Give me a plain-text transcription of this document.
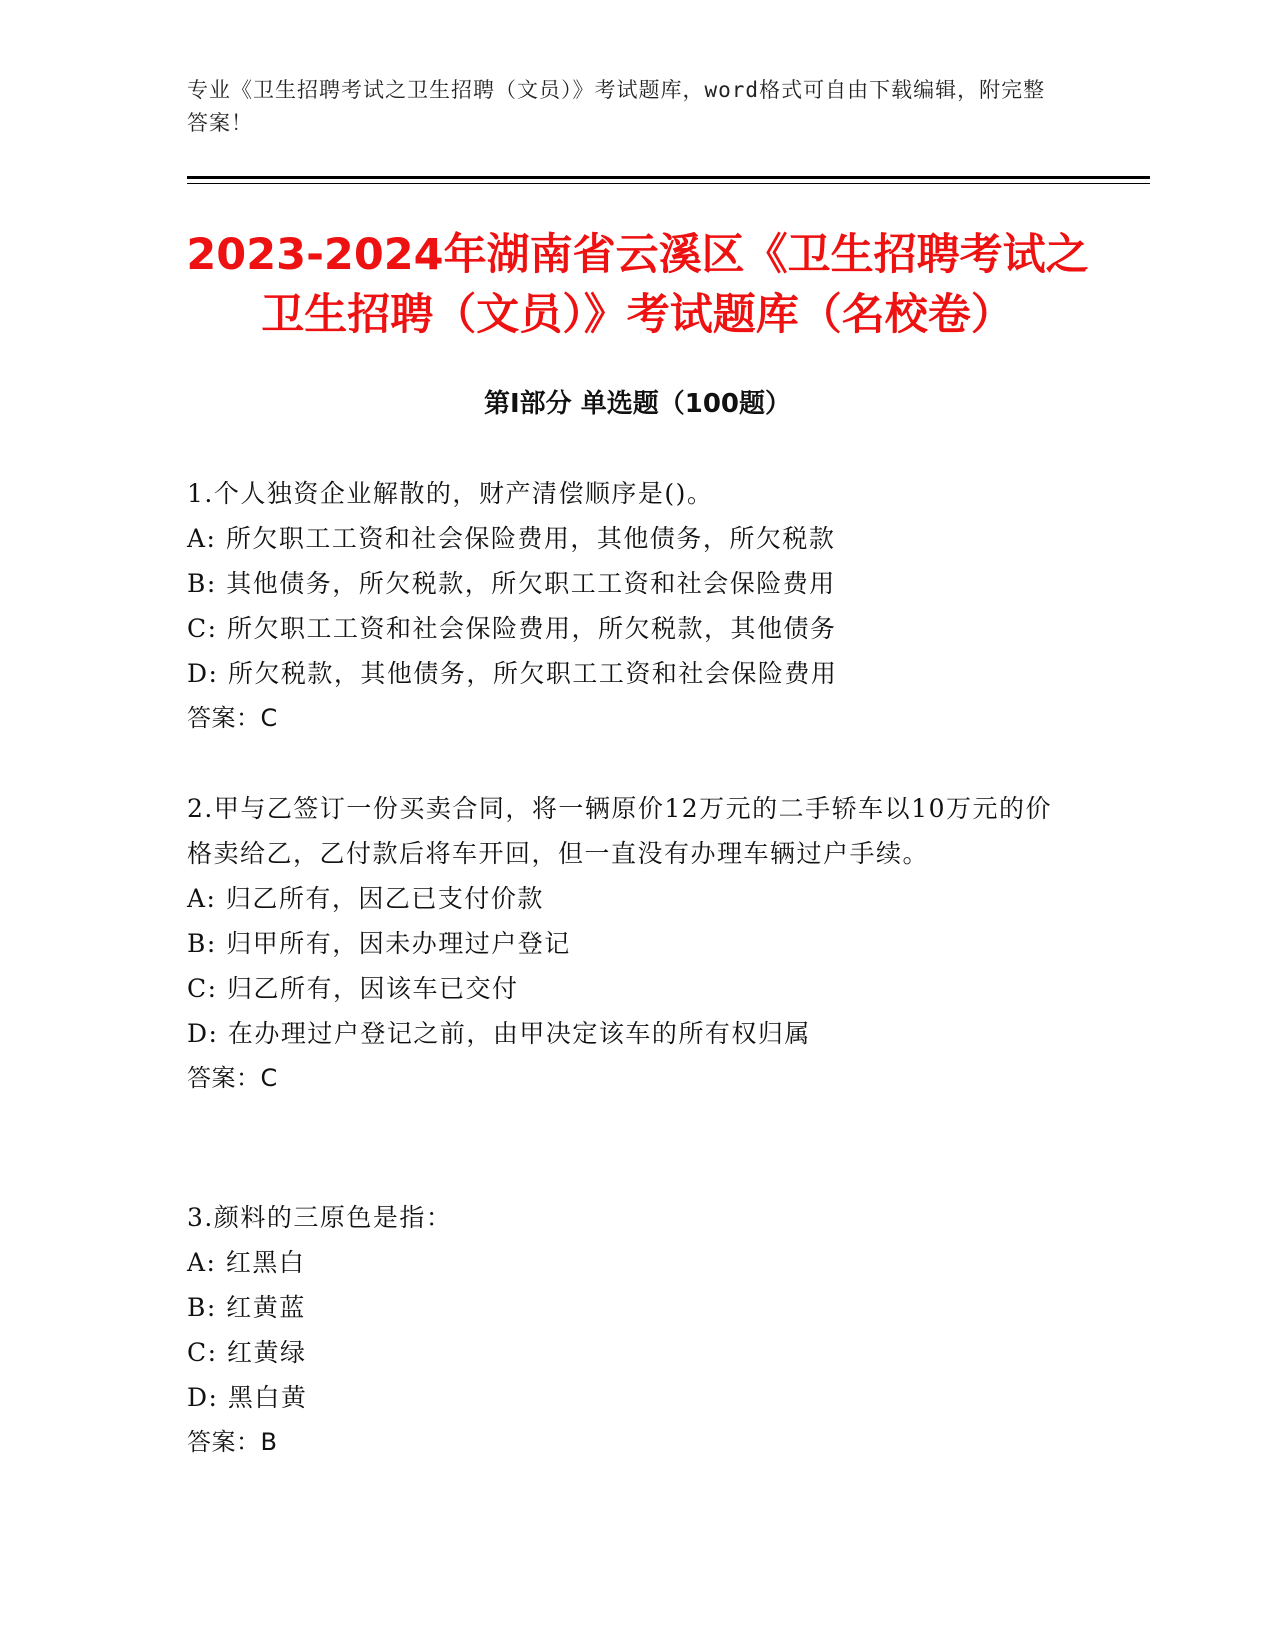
专业《卫生招聘考试之卫生招聘（文员）》考试题库，word格式可自由下载编辑，附完整答案！

2023-2024年湖南省云溪区《卫生招聘考试之卫生招聘（文员）》考试题库（名校卷）
第I部分 单选题（100题）

1.个人独资企业解散的，财产清偿顺序是()。

A: 所欠职工工资和社会保险费用，其他债务，所欠税款

B: 其他债务，所欠税款，所欠职工工资和社会保险费用

C: 所欠职工工资和社会保险费用，所欠税款，其他债务

D: 所欠税款，其他债务，所欠职工工资和社会保险费用

答案：C

2.甲与乙签订一份买卖合同，将一辆原价12万元的二手轿车以10万元的价格卖给乙，乙付款后将车开回，但一直没有办理车辆过户手续。

A: 归乙所有，因乙已支付价款

B: 归甲所有，因未办理过户登记

C: 归乙所有，因该车已交付

D: 在办理过户登记之前，由甲决定该车的所有权归属

答案：C

3.颜料的三原色是指：

A: 红黑白

B: 红黄蓝

C: 红黄绿

D: 黑白黄

答案：B
